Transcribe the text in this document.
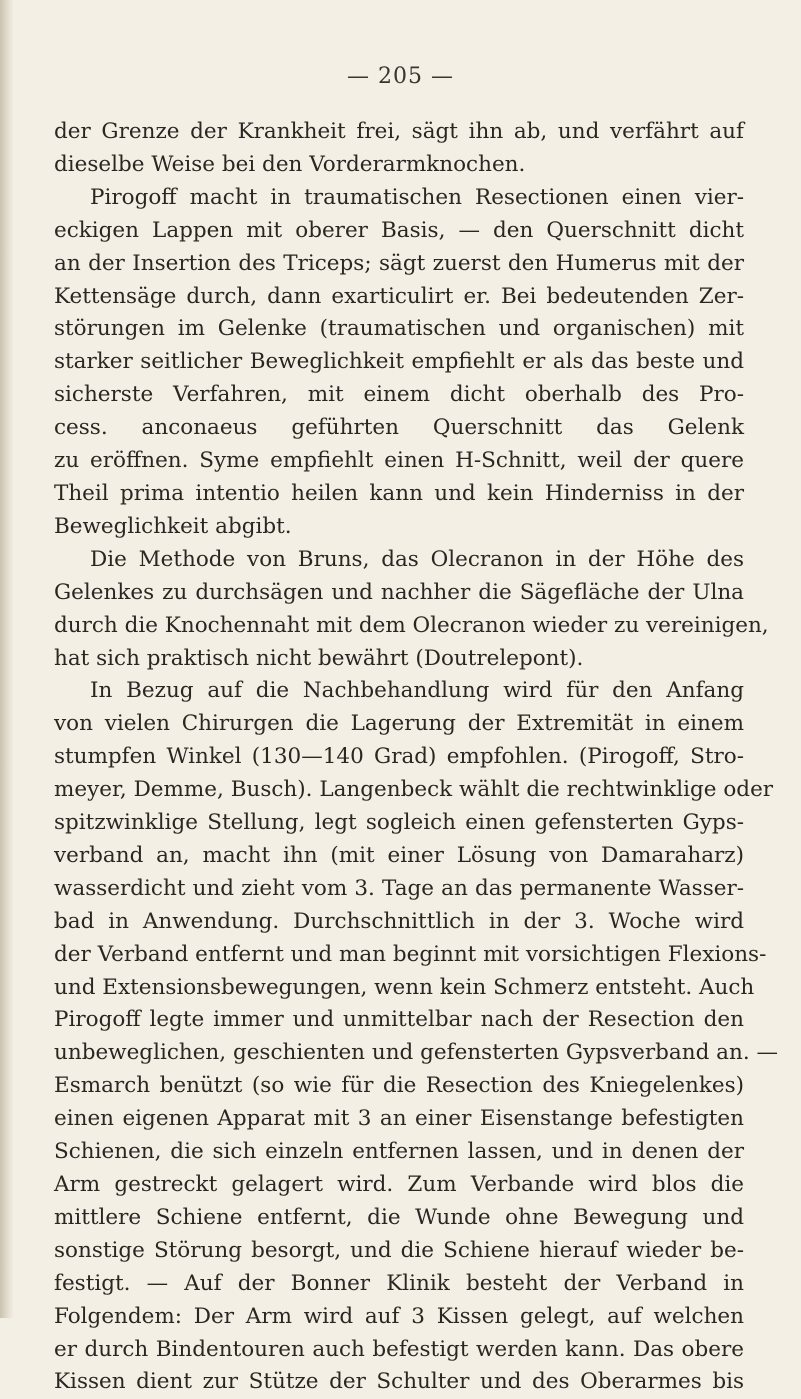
— 205 —
der Grenze der Krankheit frei, sägt ihn ab, und verfährt auf
dieselbe Weise bei den Vorderarmknochen.
Pirogoff macht in traumatischen Resectionen einen vier-
eckigen Lappen mit oberer Basis, — den Querschnitt dicht
an der Insertion des Triceps; sägt zuerst den Humerus mit der
Kettensäge durch, dann exarticulirt er. Bei bedeutenden Zer-
störungen im Gelenke (traumatischen und organischen) mit
starker seitlicher Beweglichkeit empfiehlt er als das beste und
sicherste Verfahren, mit einem dicht oberhalb des Pro-
cess. anconaeus geführten Querschnitt das Gelenk
zu eröffnen. Syme empfiehlt einen H-Schnitt, weil der quere
Theil prima intentio heilen kann und kein Hinderniss in der
Beweglichkeit abgibt.
Die Methode von Bruns, das Olecranon in der Höhe des
Gelenkes zu durchsägen und nachher die Sägefläche der Ulna
durch die Knochennaht mit dem Olecranon wieder zu vereinigen,
hat sich praktisch nicht bewährt (Doutrelepont).
In Bezug auf die Nachbehandlung wird für den Anfang
von vielen Chirurgen die Lagerung der Extremität in einem
stumpfen Winkel (130—140 Grad) empfohlen. (Pirogoff, Stro-
meyer, Demme, Busch). Langenbeck wählt die rechtwinklige oder
spitzwinklige Stellung, legt sogleich einen gefensterten Gyps-
verband an, macht ihn (mit einer Lösung von Damaraharz)
wasserdicht und zieht vom 3. Tage an das permanente Wasser-
bad in Anwendung. Durchschnittlich in der 3. Woche wird
der Verband entfernt und man beginnt mit vorsichtigen Flexions-
und Extensionsbewegungen, wenn kein Schmerz entsteht. Auch
Pirogoff legte immer und unmittelbar nach der Resection den
unbeweglichen, geschienten und gefensterten Gypsverband an. —
Esmarch benützt (so wie für die Resection des Kniegelenkes)
einen eigenen Apparat mit 3 an einer Eisenstange befestigten
Schienen, die sich einzeln entfernen lassen, und in denen der
Arm gestreckt gelagert wird. Zum Verbande wird blos die
mittlere Schiene entfernt, die Wunde ohne Bewegung und
sonstige Störung besorgt, und die Schiene hierauf wieder be-
festigt. — Auf der Bonner Klinik besteht der Verband in
Folgendem: Der Arm wird auf 3 Kissen gelegt, auf welchen
er durch Bindentouren auch befestigt werden kann. Das obere
Kissen dient zur Stütze der Schulter und des Oberarmes bis
